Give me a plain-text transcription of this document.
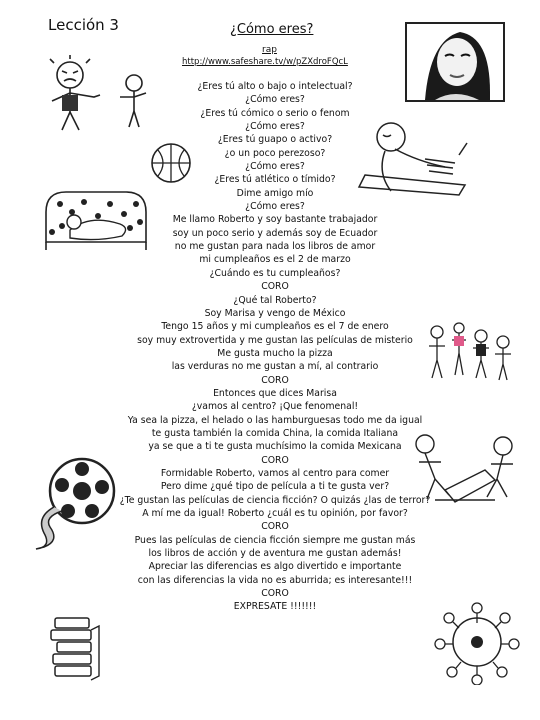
Lección 3	¿Cómo eres?
rap
http://www.safeshare.tv/w/pZXdroFQcL
¿Eres tú alto o bajo o intelectual?
¿Cómo eres?
¿Eres tú cómico o serio o fenom
¿Cómo eres?
¿Eres tú guapo o activo?
¿o un poco perezoso?
¿Cómo eres?
¿Eres tú atlético o tímido?
Dime amigo mío
¿Cómo eres?
Me llamo Roberto y soy bastante trabajador
soy un poco serio y además soy de Ecuador
no me gustan para nada los libros de amor
mi cumpleaños es el 2 de marzo
¿Cuándo es tu cumpleaños?
CORO
¿Qué tal Roberto?
Soy Marisa y vengo de México
Tengo 15 años y mi cumpleaños es el 7 de enero
soy muy extrovertida y me gustan las películas de misterio
Me gusta mucho la pizza
las verduras no me gustan a mí, al contrario
CORO
Entonces que dices Marisa
¿vamos al centro? ¡Que fenomenal!
Ya sea la pizza, el helado o las hamburguesas todo me da igual
te gusta también la comida China, la comida Italiana
ya se que a ti te gusta muchísimo la comida Mexicana
CORO
Formidable Roberto, vamos al centro para comer
Pero dime ¿qué tipo de película a ti te gusta ver?
¿Te gustan las películas de ciencia ficción? O quizás ¿las de terror?
A mí me da igual! Roberto ¿cuál es tu opinión, por favor?
CORO
Pues las películas de ciencia ficción siempre me gustan más
los libros de acción y de aventura me gustan además!
Apreciar las diferencias es algo divertido e importante
con las diferencias la vida no es aburrida; es interesante!!!
CORO
EXPRESATE !!!!!!!
